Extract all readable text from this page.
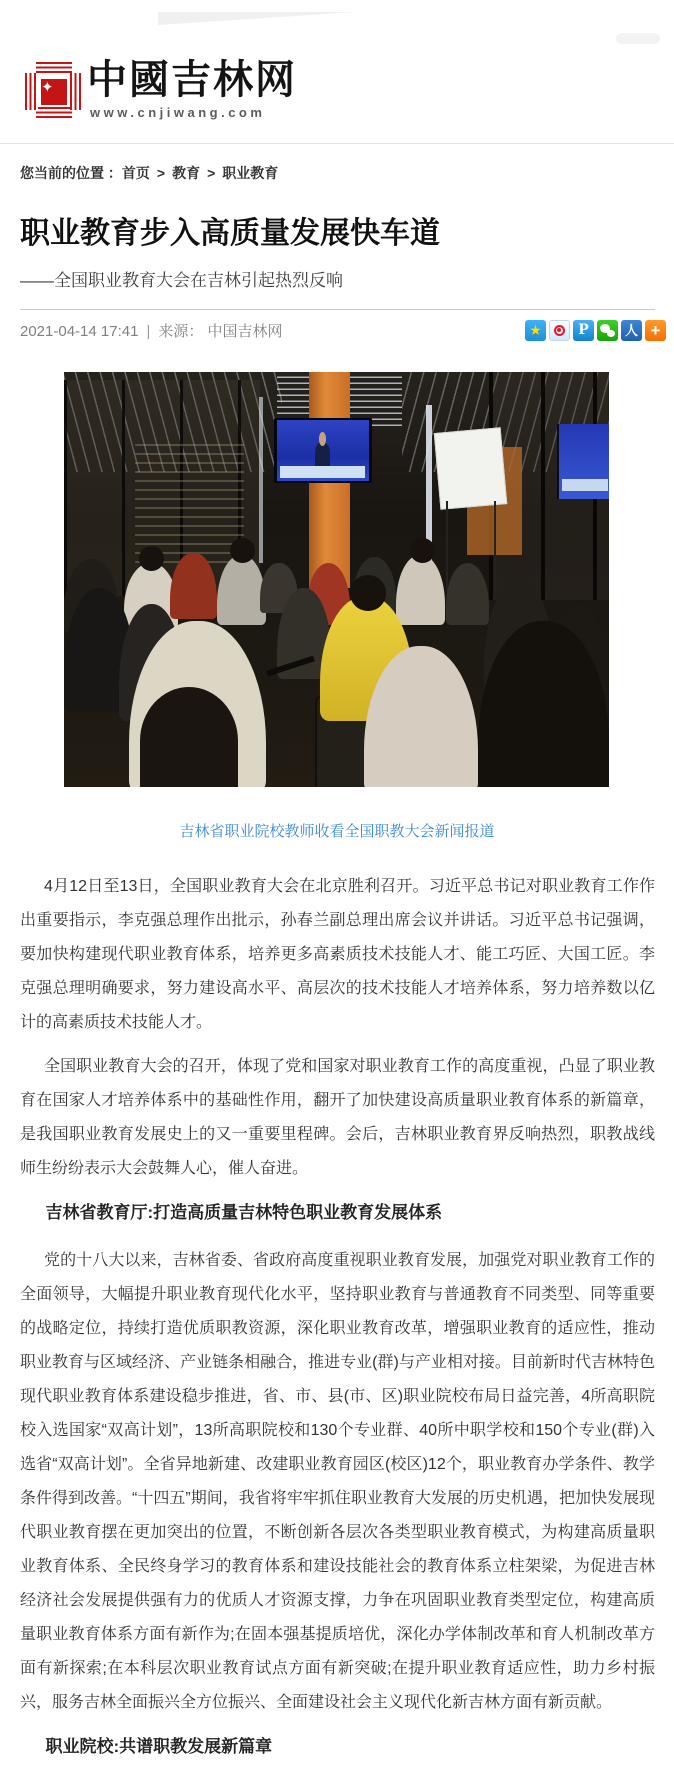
✦
中國吉林网
www.cnjiwang.com
您当前的位置 ：首页 > 教育 > 职业教育
职业教育步入高质量发展快车道
——全国职业教育大会在吉林引起热烈反响
2021-04-14 17:41 | 来源： 中国吉林网	★	P	人 +
吉林省职业院校教师收看全国职教大会新闻报道

4月12日至13日，全国职业教育大会在北京胜利召开。习近平总书记对职业教育工作作出重要指示，李克强总理作出批示，孙春兰副总理出席会议并讲话。习近平总书记强调，要加快构建现代职业教育体系，培养更多高素质技术技能人才、能工巧匠、大国工匠。李克强总理明确要求，努力建设高水平、高层次的技术技能人才培养体系，努力培养数以亿计的高素质技术技能人才。

全国职业教育大会的召开，体现了党和国家对职业教育工作的高度重视，凸显了职业教育在国家人才培养体系中的基础性作用，翻开了加快建设高质量职业教育体系的新篇章，是我国职业教育发展史上的又一重要里程碑。会后，吉林职业教育界反响热烈，职教战线师生纷纷表示大会鼓舞人心，催人奋进。

吉林省教育厅:打造高质量吉林特色职业教育发展体系

党的十八大以来，吉林省委、省政府高度重视职业教育发展，加强党对职业教育工作的全面领导，大幅提升职业教育现代化水平，坚持职业教育与普通教育不同类型、同等重要的战略定位，持续打造优质职教资源，深化职业教育改革，增强职业教育的适应性，推动职业教育与区域经济、产业链条相融合，推进专业(群)与产业相对接。目前新时代吉林特色现代职业教育体系建设稳步推进，省、市、县(市、区)职业院校布局日益完善，4所高职院校入选国家“双高计划”，13所高职院校和130个专业群、40所中职学校和150个专业(群)入选省“双高计划”。全省异地新建、改建职业教育园区(校区)12个，职业教育办学条件、教学条件得到改善。“十四五”期间，我省将牢牢抓住职业教育大发展的历史机遇，把加快发展现代职业教育摆在更加突出的位置，不断创新各层次各类型职业教育模式，为构建高质量职业教育体系、全民终身学习的教育体系和建设技能社会的教育体系立柱架梁，为促进吉林经济社会发展提供强有力的优质人才资源支撑，力争在巩固职业教育类型定位，构建高质量职业教育体系方面有新作为;在固本强基提质培优，深化办学体制改革和育人机制改革方面有新探索;在本科层次职业教育试点方面有新突破;在提升职业教育适应性，助力乡村振兴，服务吉林全面振兴全方位振兴、全面建设社会主义现代化新吉林方面有新贡献。

职业院校:共谱职教发展新篇章
